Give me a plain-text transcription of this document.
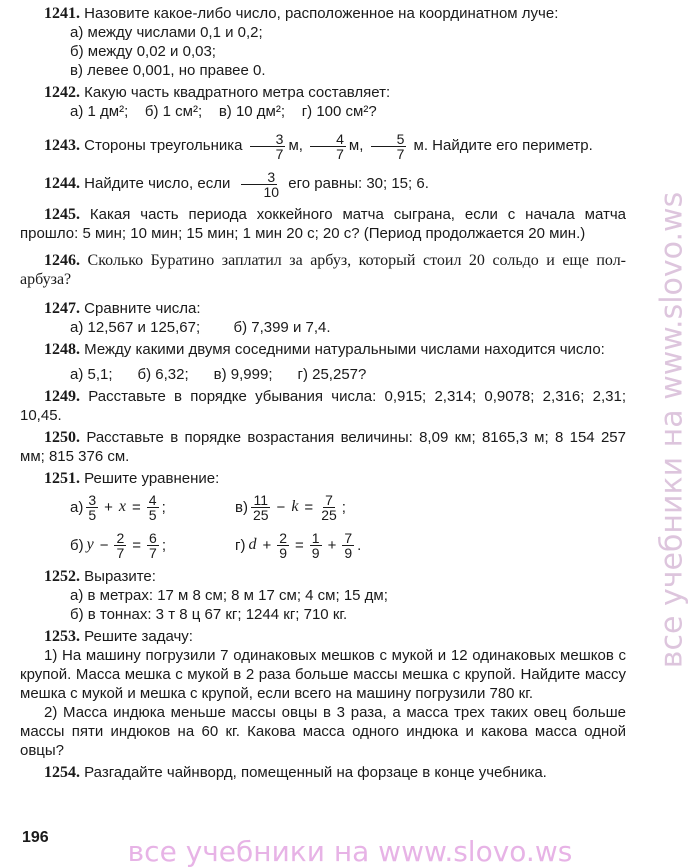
1241. Назовите какое-либо число, расположенное на координатном луче:

а) между числами 0,1 и 0,2;

б) между 0,02 и 0,03;

в) левее 0,001, но правее 0.

1242. Какую часть квадратного метра составляет:

а) 1 дм²;    б) 1 см²;    в) 10 дм²;    г) 100 см²?

1243. Стороны треугольника $\frac{3}{7} м$, $\frac{4}{7} м$, $\frac{5}{7} м$. Найдите его периметр.

1244. Найдите число, если $\frac{3}{10}$ его равны: 30; 15; 6.

1245. Какая часть периода хоккейного матча сыграна, если с начала матча прошло: 5 мин; 10 мин; 15 мин; 1 мин 20 с; 20 с? (Период продолжается 20 мин.)

1246. Сколько Буратино заплатил за арбуз, который стоил 20 сольдо и еще пол-арбуза?

1247. Сравните числа:

а) 12,567 и 125,67;        б) 7,399 и 7,4.

1248. Между какими двумя соседними натуральными числами находится число:

а) 5,1;      б) 6,32;      в) 9,999;      г) 25,257?

1249. Расставьте в порядке убывания числа: 0,915; 2,314; 0,9078; 2,316; 2,31; 10,45.

1250. Расставьте в порядке возрастания величины: 8,09 км; 8165,3 м; 8 154 257 мм; 815 376 см.

1251. Решите уравнение:

$а) \frac{3}{5} + x = \frac{4}{5}$ ;	$в) \frac{11}{25} - k = \frac{7}{25}$ ;
б) $y - \frac{2}{7} = \frac{6}{7}$ ;	г) $d + \frac{2}{9} = \frac{1}{9} + \frac{7}{9}$ .

1252. Выразите:

а) в метрах: 17 м 8 см; 8 м 17 см; 4 см; 15 дм;

б) в тоннах: 3 т 8 ц 67 кг; 1244 кг; 710 кг.

1253. Решите задачу:

1) На машину погрузили 7 одинаковых мешков с мукой и 12 одинаковых мешков с крупой. Масса мешка с мукой в 2 раза больше массы мешка с крупой. Найдите массу мешка с мукой и мешка с крупой, если всего на машину погрузили 780 кг.

2) Масса индюка меньше массы овцы в 3 раза, а масса трех таких овец больше массы пяти индюков на 60 кг. Какова масса одного индюка и какова масса одной овцы?

1254. Разгадайте чайнворд, помещенный на форзаце в конце учебника.

196
все учебники на www.slovo.ws
все учебники на www.slovo.ws
